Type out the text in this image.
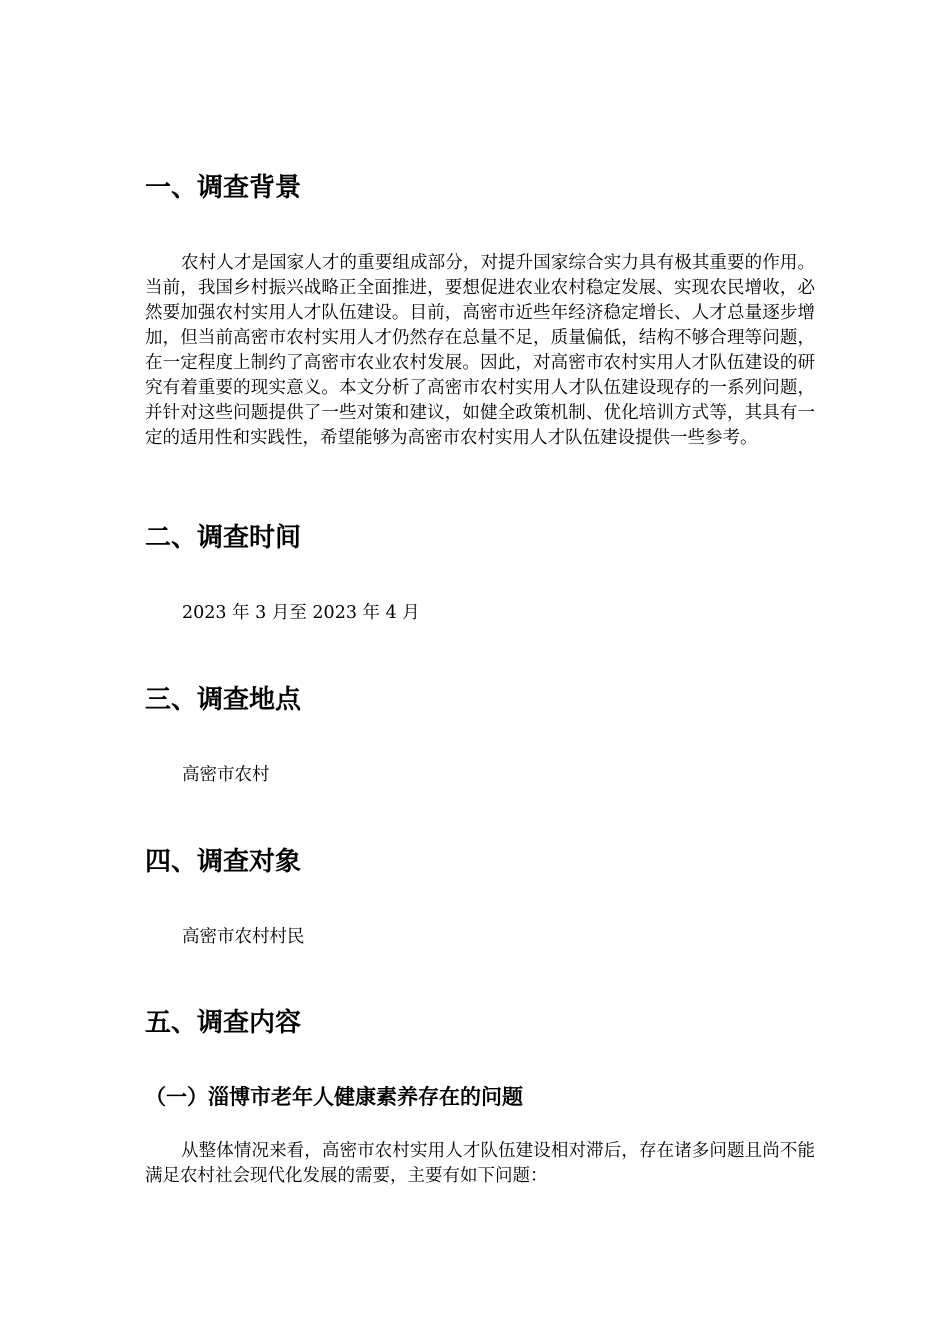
一、调查背景

农村人才是国家人才的重要组成部分，对提升国家综合实力具有极其重要的作用。当前，我国乡村振兴战略正全面推进，要想促进农业农村稳定发展、实现农民增收，必然要加强农村实用人才队伍建设。目前，高密市近些年经济稳定增长、人才总量逐步增加，但当前高密市农村实用人才仍然存在总量不足，质量偏低，结构不够合理等问题，在一定程度上制约了高密市农业农村发展。因此，对高密市农村实用人才队伍建设的研究有着重要的现实意义。本文分析了高密市农村实用人才队伍建设现存的一系列问题，并针对这些问题提供了一些对策和建议，如健全政策机制、优化培训方式等，其具有一定的适用性和实践性，希望能够为高密市农村实用人才队伍建设提供一些参考。

二、调查时间

2023 年 3 月至 2023 年 4 月

三、调查地点

高密市农村

四、调查对象

高密市农村村民

五、调查内容
（一）淄博市老年人健康素养存在的问题

从整体情况来看，高密市农村实用人才队伍建设相对滞后，存在诸多问题且尚不能满足农村社会现代化发展的需要，主要有如下问题：
